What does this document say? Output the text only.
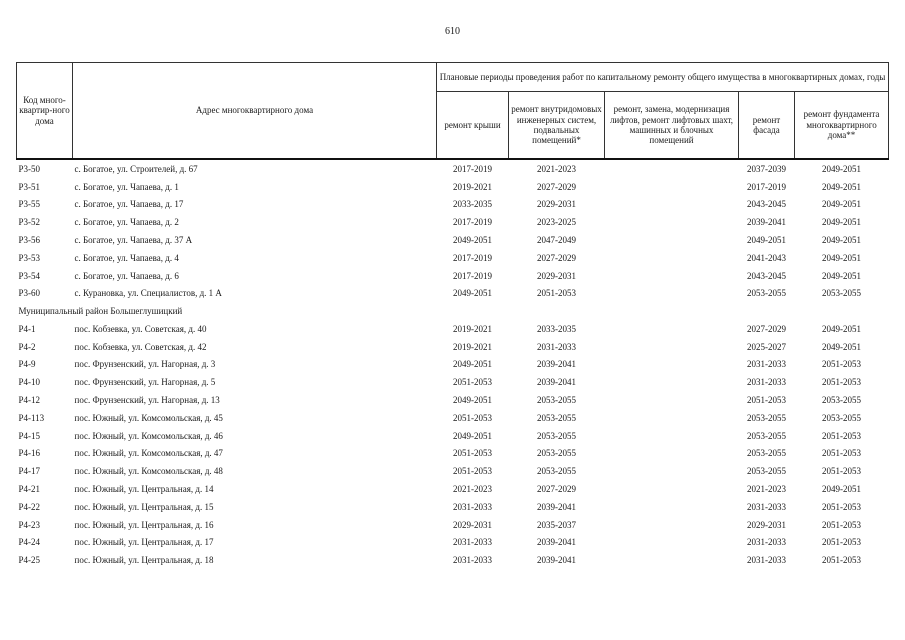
610
Код много-квартир-ного дома	Адрес многоквартирного дома	Плановые периоды проведения работ по капитальному ремонту общего имущества в многоквартирных домах, годы				
		ремонт крыши	ремонт внутридомовых инженерных систем, подвальных помещений*	ремонт, замена, модернизация лифтов, ремонт лифтовых шахт, машинных и блочных помещений	ремонт фасада	ремонт фундамента многоквартирного дома**
Р3-50	с. Богатое, ул. Строителей, д. 67	2017-2019	2021-2023		2037-2039	2049-2051
Р3-51	с. Богатое, ул. Чапаева, д. 1	2019-2021	2027-2029		2017-2019	2049-2051
Р3-55	с. Богатое, ул. Чапаева, д. 17	2033-2035	2029-2031		2043-2045	2049-2051
Р3-52	с. Богатое, ул. Чапаева, д. 2	2017-2019	2023-2025		2039-2041	2049-2051
Р3-56	с. Богатое, ул. Чапаева, д. 37 А	2049-2051	2047-2049		2049-2051	2049-2051
Р3-53	с. Богатое, ул. Чапаева, д. 4	2017-2019	2027-2029		2041-2043	2049-2051
Р3-54	с. Богатое, ул. Чапаева, д. 6	2017-2019	2029-2031		2043-2045	2049-2051
Р3-60	с. Курановка, ул. Специалистов, д. 1 А	2049-2051	2051-2053		2053-2055	2053-2055
Муниципальный район Большеглушицкий						
Р4-1	пос. Кобзевка, ул. Советская, д. 40	2019-2021	2033-2035		2027-2029	2049-2051
Р4-2	пос. Кобзевка, ул. Советская, д. 42	2019-2021	2031-2033		2025-2027	2049-2051
Р4-9	пос. Фрунзенский, ул. Нагорная, д. 3	2049-2051	2039-2041		2031-2033	2051-2053
Р4-10	пос. Фрунзенский, ул. Нагорная, д. 5	2051-2053	2039-2041		2031-2033	2051-2053
Р4-12	пос. Фрунзенский, ул. Нагорная, д. 13	2049-2051	2053-2055		2051-2053	2053-2055
Р4-113	пос. Южный, ул. Комсомольская, д. 45	2051-2053	2053-2055		2053-2055	2053-2055
Р4-15	пос. Южный, ул. Комсомольская, д. 46	2049-2051	2053-2055		2053-2055	2051-2053
Р4-16	пос. Южный, ул. Комсомольская, д. 47	2051-2053	2053-2055		2053-2055	2051-2053
Р4-17	пос. Южный, ул. Комсомольская, д. 48	2051-2053	2053-2055		2053-2055	2051-2053
Р4-21	пос. Южный, ул. Центральная, д. 14	2021-2023	2027-2029		2021-2023	2049-2051
Р4-22	пос. Южный, ул. Центральная, д. 15	2031-2033	2039-2041		2031-2033	2051-2053
Р4-23	пос. Южный, ул. Центральная, д. 16	2029-2031	2035-2037		2029-2031	2051-2053
Р4-24	пос. Южный, ул. Центральная, д. 17	2031-2033	2039-2041		2031-2033	2051-2053
Р4-25	пос. Южный, ул. Центральная, д. 18	2031-2033	2039-2041		2031-2033	2051-2053
